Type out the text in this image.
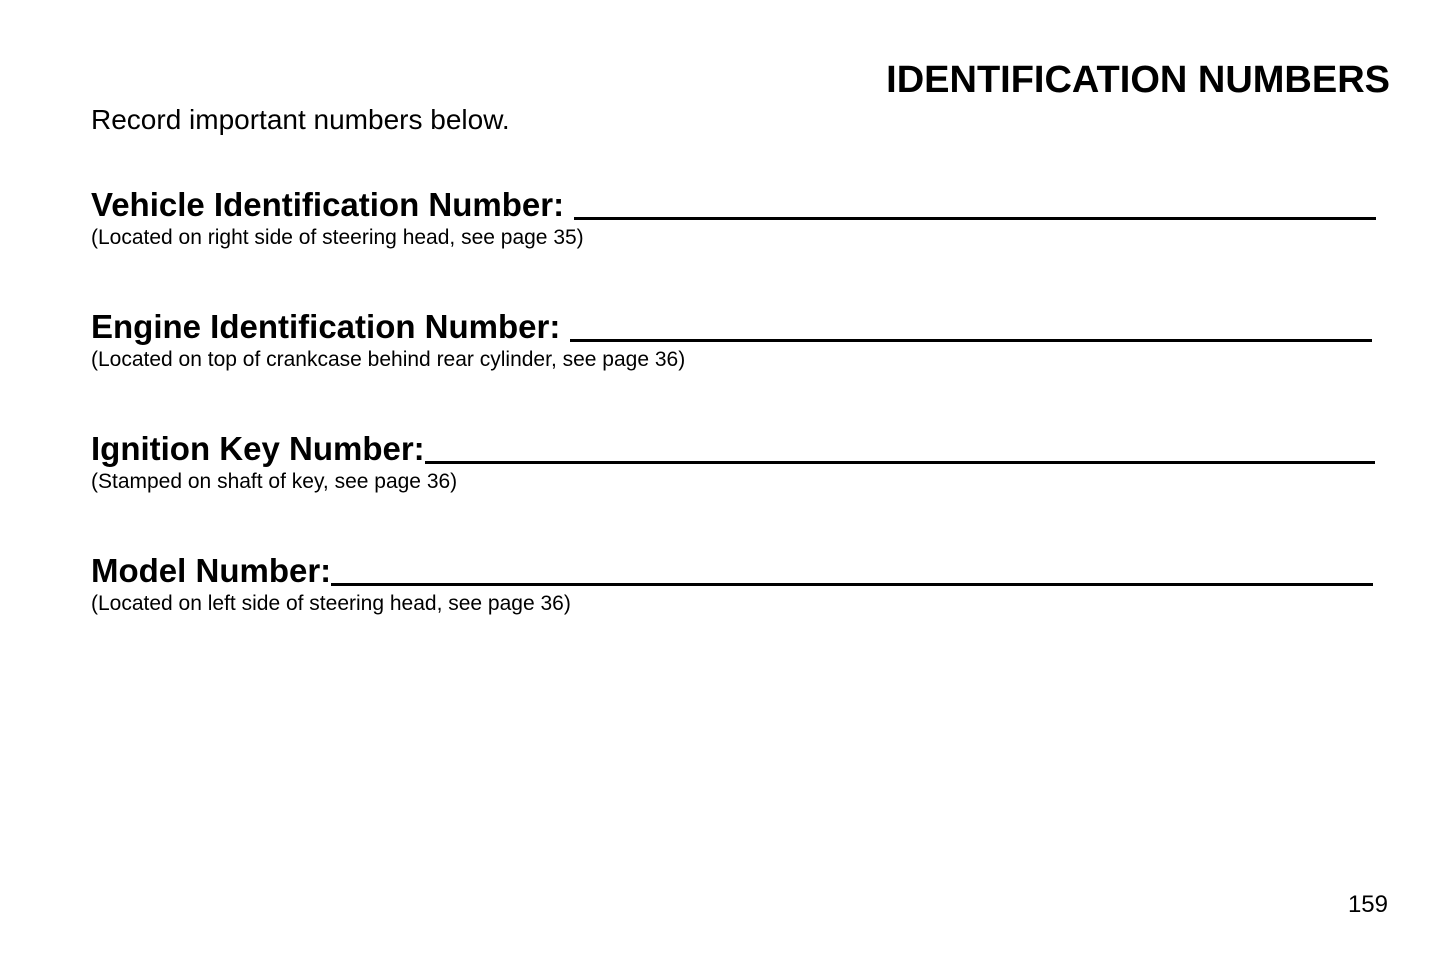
IDENTIFICATION NUMBERS
Record important numbers below.
Vehicle Identification Number:
(Located on right side of steering head, see page 35)
Engine Identification Number:
(Located on top of crankcase behind rear cylinder, see page 36)
Ignition Key Number:
(Stamped on shaft of key, see page 36)
Model Number:
(Located on left side of steering head, see page 36)
159
